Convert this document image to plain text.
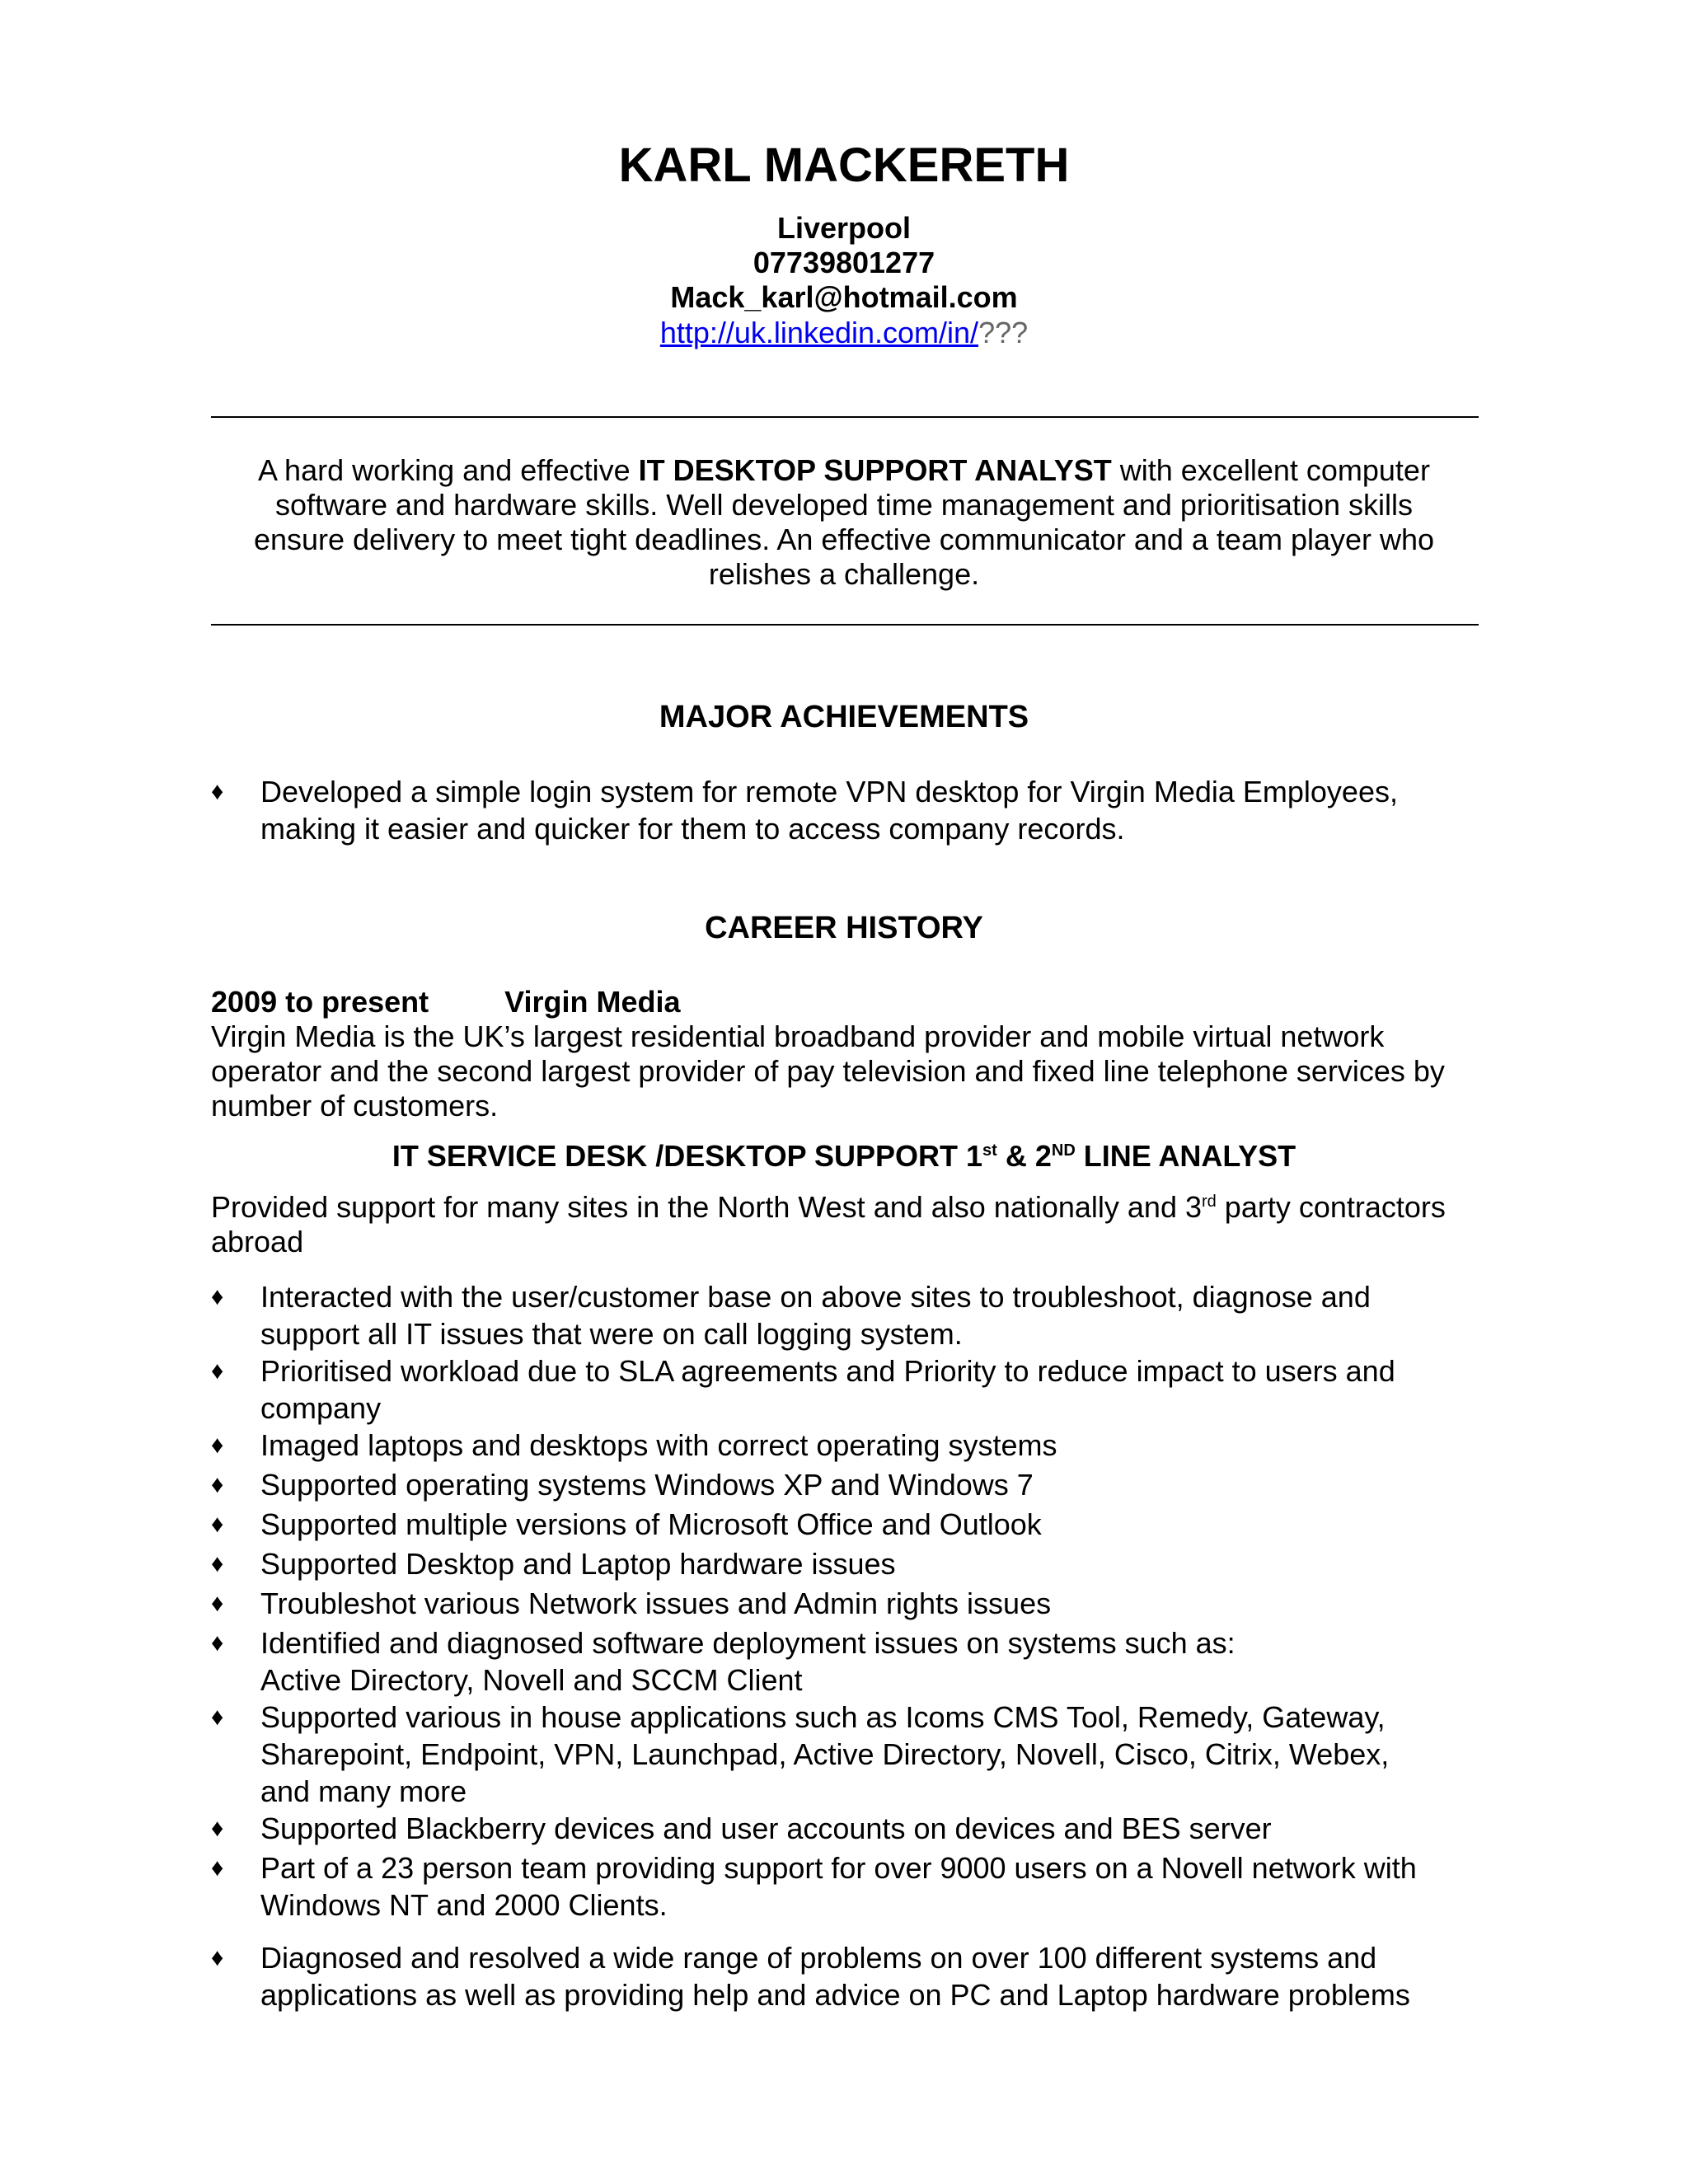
KARL MACKERETH
Liverpool
07739801277
Mack_karl@hotmail.com
http://uk.linkedin.com/in/???
A hard working and effective IT DESKTOP SUPPORT ANALYST with excellent computer
software and hardware skills. Well developed time management and prioritisation skills
ensure delivery to meet tight deadlines. An effective communicator and a team player who
relishes a challenge.
MAJOR ACHIEVEMENTS
♦ Developed a simple login system for remote VPN desktop for Virgin Media Employees,
making it easier and quicker for them to access company records.
CAREER HISTORY
2009 to present	Virgin Media
Virgin Media is the UK’s largest residential broadband provider and mobile virtual network
operator and the second largest provider of pay television and fixed line telephone services by
number of customers.
IT SERVICE DESK /DESKTOP SUPPORT 1st & 2ND LINE ANALYST
Provided support for many sites in the North West and also nationally and 3rd party contractors
abroad
♦ Interacted with the user/customer base on above sites to troubleshoot, diagnose and
support all IT issues that were on call logging system.
♦ Prioritised workload due to SLA agreements and Priority to reduce impact to users and
company
♦ Imaged laptops and desktops with correct operating systems
♦ Supported operating systems Windows XP and Windows 7
♦ Supported multiple versions of Microsoft Office and Outlook
♦ Supported Desktop and Laptop hardware issues
♦ Troubleshot various Network issues and Admin rights issues
♦ Identified and diagnosed software deployment issues on systems such as:
Active Directory, Novell and SCCM Client
♦ Supported various in house applications such as Icoms CMS Tool, Remedy, Gateway,
Sharepoint, Endpoint, VPN, Launchpad, Active Directory, Novell, Cisco, Citrix, Webex,
and many more
♦ Supported Blackberry devices and user accounts on devices and BES server
♦ Part of a 23 person team providing support for over 9000 users on a Novell network with
Windows NT and 2000 Clients.
♦ Diagnosed and resolved a wide range of problems on over 100 different systems and
applications as well as providing help and advice on PC and Laptop hardware problems
